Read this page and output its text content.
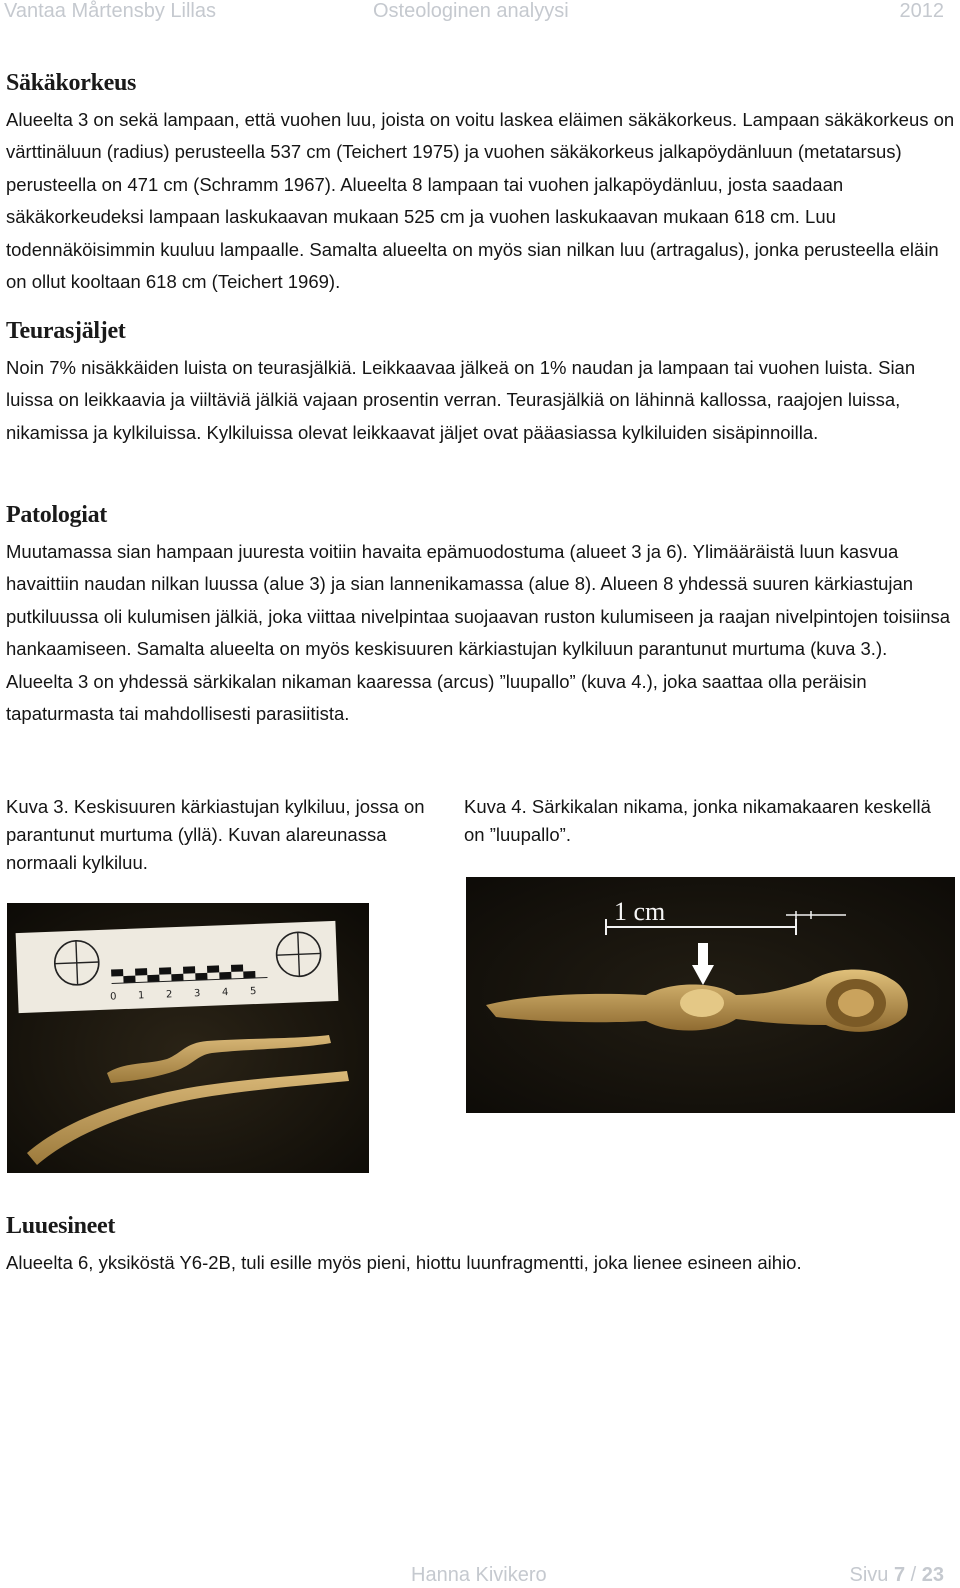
Vantaa Mårtensby Lillas	Osteologinen analyysi	2012
Säkäkorkeus

Alueelta 3 on sekä lampaan, että vuohen luu, joista on voitu laskea eläimen säkäkorkeus. Lampaan säkäkorkeus on värttinäluun (radius) perusteella 537 cm (Teichert 1975) ja vuohen säkäkorkeus jalkapöydänluun (metatarsus) perusteella on 471 cm (Schramm 1967). Alueelta 8 lampaan tai vuohen jalkapöydänluu, josta saadaan säkäkorkeudeksi lampaan laskukaavan mukaan 525 cm ja vuohen laskukaavan mukaan 618 cm. Luu todennäköisimmin kuuluu lampaalle. Samalta alueelta on myös sian nilkan luu (artragalus), jonka perusteella eläin on ollut kooltaan 618 cm (Teichert 1969).

Teurasjäljet

Noin 7% nisäkkäiden luista on teurasjälkiä. Leikkaavaa jälkeä on 1% naudan ja lampaan tai vuohen luista. Sian luissa on leikkaavia ja viiltäviä jälkiä vajaan prosentin verran. Teurasjälkiä on lähinnä kallossa, raajojen luissa, nikamissa ja kylkiluissa. Kylkiluissa olevat leikkaavat jäljet ovat pääasiassa kylkiluiden sisäpinnoilla.

Patologiat

Muutamassa sian hampaan juuresta voitiin havaita epämuodostuma (alueet 3 ja 6). Ylimääräistä luun kasvua havaittiin naudan nilkan luussa (alue 3) ja sian lannenikamassa (alue 8). Alueen 8 yhdessä suuren kärkiastujan putkiluussa oli kulumisen jälkiä, joka viittaa nivelpintaa suojaavan ruston kulumiseen ja raajan nivelpintojen toisiinsa hankaamiseen. Samalta alueelta on myös keskisuuren kärkiastujan kylkiluun parantunut murtuma (kuva 3.). Alueelta 3 on yhdessä särkikalan nikaman kaaressa (arcus) ”luupallo” (kuva 4.), joka saattaa olla peräisin tapaturmasta tai mahdollisesti parasiitista.

Kuva 3. Keskisuuren kärkiastujan kylkiluu, jossa on parantunut murtuma (yllä). Kuvan alareunassa normaali kylkiluu.

Kuva 4. Särkikalan nikama, jonka nikamakaaren keskellä on ”luupallo”.

0 1 2 3 4 5
1 cm
Luuesineet

Alueelta 6, yksiköstä Y6-2B, tuli esille myös pieni, hiottu luunfragmentti, joka lienee esineen aihio.

Hanna Kivikero	Sivu 7 / 23
